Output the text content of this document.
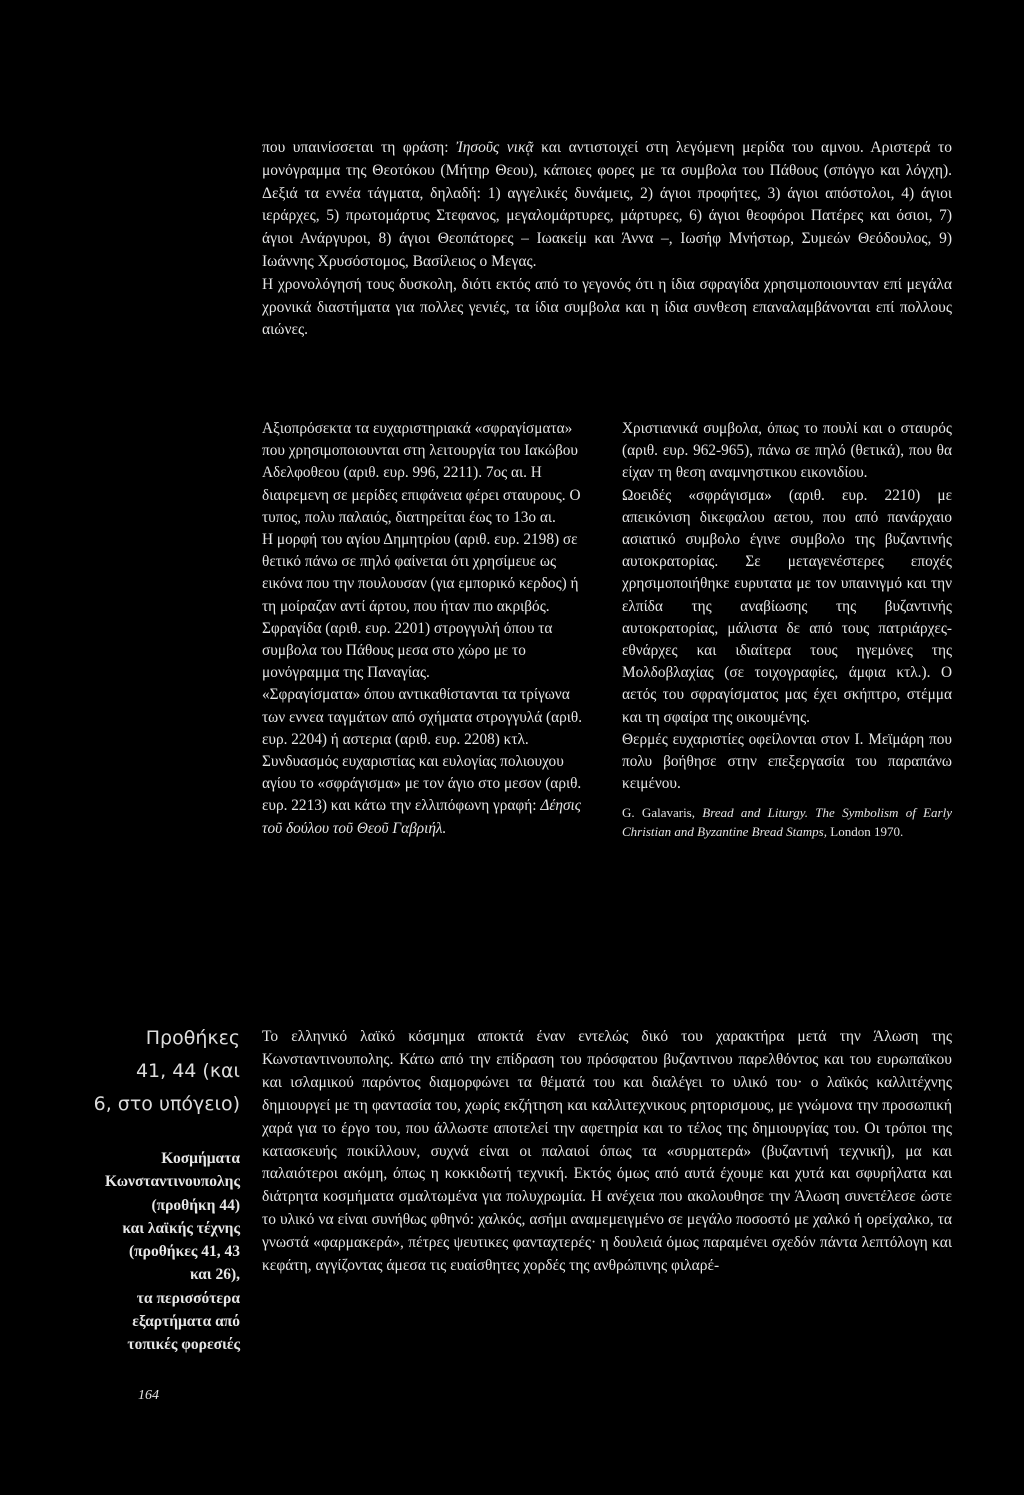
που υπαινίσσεται τη φράση: Ἰησοῦς νικᾷ και αντιστοιχεί στη λεγόμενη μερίδα του αμνου. Αριστερά το μονόγραμμα της Θεοτόκου (Μήτηρ Θεου), κάποιες φορες με τα συμβολα του Πάθους (σπόγγο και λόγχη). Δεξιά τα εννέα τάγματα, δηλαδή: 1) αγγελικές δυνάμεις, 2) άγιοι προφήτες, 3) άγιοι απόστολοι, 4) άγιοι ιεράρχες, 5) πρωτομάρτυς Στεφανος, μεγαλομάρτυρες, μάρτυρες, 6) άγιοι θεοφόροι Πατέρες και όσιοι, 7) άγιοι Ανάργυροι, 8) άγιοι Θεοπάτορες – Ιωακείμ και Άννα –, Ιωσήφ Μνήστωρ, Συμεών Θεόδουλος, 9) Ιωάννης Χρυσόστομος, Βασίλειος ο Μεγας.

Η χρονολόγησή τους δυσκολη, διότι εκτός από το γεγονός ότι η ίδια σφραγίδα χρησιμοποιουνταν επί μεγάλα χρονικά διαστήματα για πολλες γενιές, τα ίδια συμβολα και η ίδια συνθεση επαναλαμβάνονται επί πολλους αιώνες.

Αξιοπρόσεκτα τα ευχαριστηριακά «σφραγίσματα» που χρησιμοποιουνται στη λειτουργία του Ιακώβου Αδελφοθεου (αριθ. ευρ. 996, 2211). 7ος αι. Η διαιρεμενη σε μερίδες επιφάνεια φέρει σταυρους. Ο τυπος, πολυ παλαιός, διατηρείται έως το 13ο αι.

Η μορφή του αγίου Δημητρίου (αριθ. ευρ. 2198) σε θετικό πάνω σε πηλό φαίνεται ότι χρησίμευε ως εικόνα που την πουλουσαν (για εμπορικό κερδος) ή τη μοίραζαν αντί άρτου, που ήταν πιο ακριβός.

Σφραγίδα (αριθ. ευρ. 2201) στρογγυλή όπου τα συμβολα του Πάθους μεσα στο χώρο με το μονόγραμμα της Παναγίας.

«Σφραγίσματα» όπου αντικαθίστανται τα τρίγωνα των εννεα ταγμάτων από σχήματα στρογγυλά (αριθ. ευρ. 2204) ή αστερια (αριθ. ευρ. 2208) κτλ.

Συνδυασμός ευχαριστίας και ευλογίας πολιουχου αγίου το «σφράγισμα» με τον άγιο στο μεσον (αριθ. ευρ. 2213) και κάτω την ελλιπόφωνη γραφή: Δέησις τοῦ δούλου τοῦ Θεοῦ Γαβριήλ.

Χριστιανικά συμβολα, όπως το πουλί και ο σταυρός (αριθ. ευρ. 962-965), πάνω σε πηλό (θετικά), που θα είχαν τη θεση αναμνηστικου εικονιδίου.

Ωοειδές «σφράγισμα» (αριθ. ευρ. 2210) με απεικόνιση δικεφαλου αετου, που από πανάρχαιο ασιατικό συμβολο έγινε συμβολο της βυζαντινής αυτοκρατορίας. Σε μεταγενέστερες εποχές χρησιμοποιήθηκε ευρυτατα με τον υπαινιγμό και την ελπίδα της αναβίωσης της βυζαντινής αυτοκρατορίας, μάλιστα δε από τους πατριάρχες-εθνάρχες και ιδιαίτερα τους ηγεμόνες της Μολδοβλαχίας (σε τοιχογραφίες, άμφια κτλ.). Ο αετός του σφραγίσματος μας έχει σκήπτρο, στέμμα και τη σφαίρα της οικουμένης.

Θερμές ευχαριστίες οφείλονται στον Ι. Μεϊμάρη που πολυ βοήθησε στην επεξεργασία του παραπάνω κειμένου.

G. Galavaris, Bread and Liturgy. The Symbolism of Early Christian and Byzantine Bread Stamps, London 1970.

Προθήκες
41, 44 (και
6, στο υπόγειο)

Κοσμήματα
Κωνσταντινουπολης
(προθήκη 44)
και λαϊκής τέχνης
(προθήκες 41, 43
και 26),
τα περισσότερα
εξαρτήματα από
τοπικές φορεσιές

Το ελληνικό λαϊκό κόσμημα αποκτά έναν εντελώς δικό του χαρακτήρα μετά την Άλωση της Κωνσταντινουπολης. Κάτω από την επίδραση του πρόσφατου βυζαντινου παρελθόντος και του ευρωπαϊκου και ισλαμικού παρόντος διαμορφώνει τα θέματά του και διαλέγει το υλικό του· ο λαϊκός καλλιτέχνης δημιουργεί με τη φαντασία του, χωρίς εκζήτηση και καλλιτεχνικους ρητορισμους, με γνώμονα την προσωπική χαρά για το έργο του, που άλλωστε αποτελεί την αφετηρία και το τέλος της δημιουργίας του. Οι τρόποι της κατασκευής ποικίλλουν, συχνά είναι οι παλαιοί όπως τα «συρματερά» (βυζαντινή τεχνική), μα και παλαιότεροι ακόμη, όπως η κοκκιδωτή τεχνική. Εκτός όμως από αυτά έχουμε και χυτά και σφυρήλατα και διάτρητα κοσμήματα σμαλτωμένα για πολυχρωμία. Η ανέχεια που ακολουθησε την Άλωση συνετέλεσε ώστε το υλικό να είναι συνήθως φθηνό: χαλκός, ασήμι αναμεμειγμένο σε μεγάλο ποσοστό με χαλκό ή ορείχαλκο, τα γνωστά «φαρμακερά», πέτρες ψευτικες φανταχτερές· η δουλειά όμως παραμένει σχεδόν πάντα λεπτόλογη και κεφάτη, αγγίζοντας άμεσα τις ευαίσθητες χορδές της ανθρώπινης φιλαρέ-

164
